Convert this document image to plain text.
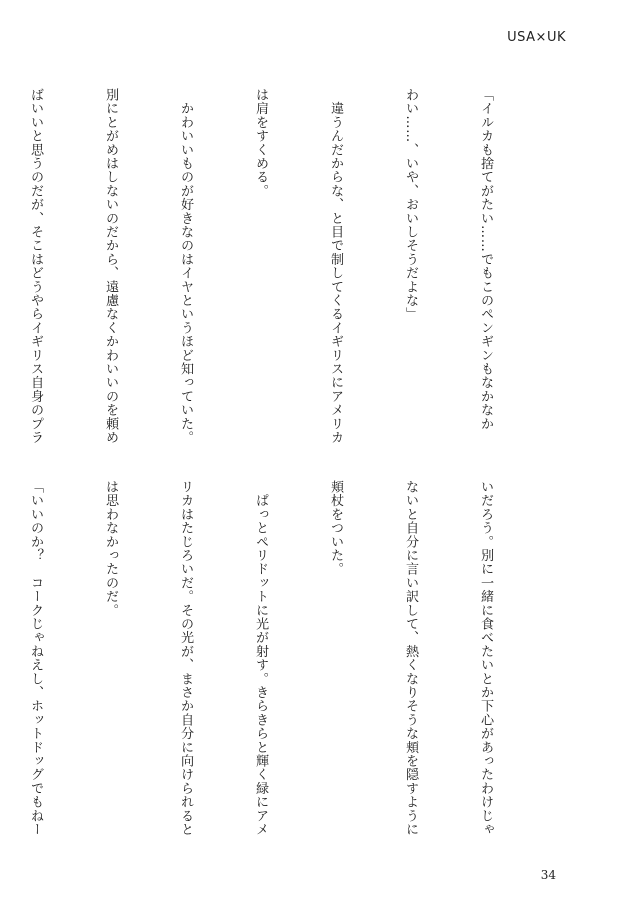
USA×UK

「イルカも捨てがたい……でもこのペンギンもなかなか

わい……、いや、おいしそうだよな」

　違うんだからな、と目で制してくるイギリスにアメリカ

は肩をすくめる。

　かわいいものが好きなのはイヤというほど知っていた。

別にとがめはしないのだから、遠慮なくかわいいのを頼め

ばいいと思うのだが、そこはどうやらイギリス自身のプラ

いだろう。別に一緒に食べたいとか下心があったわけじゃ

ないと自分に言い訳して、熱くなりそうな頬を隠すように

頬杖をついた。

　ぱっとペリドットに光が射す。きらきらと輝く緑にアメ

リカはたじろいだ。その光が、まさか自分に向けられると

は思わなかったのだ。

「いいのか？　コークじゃねえし、ホットドッグでもねー

34
